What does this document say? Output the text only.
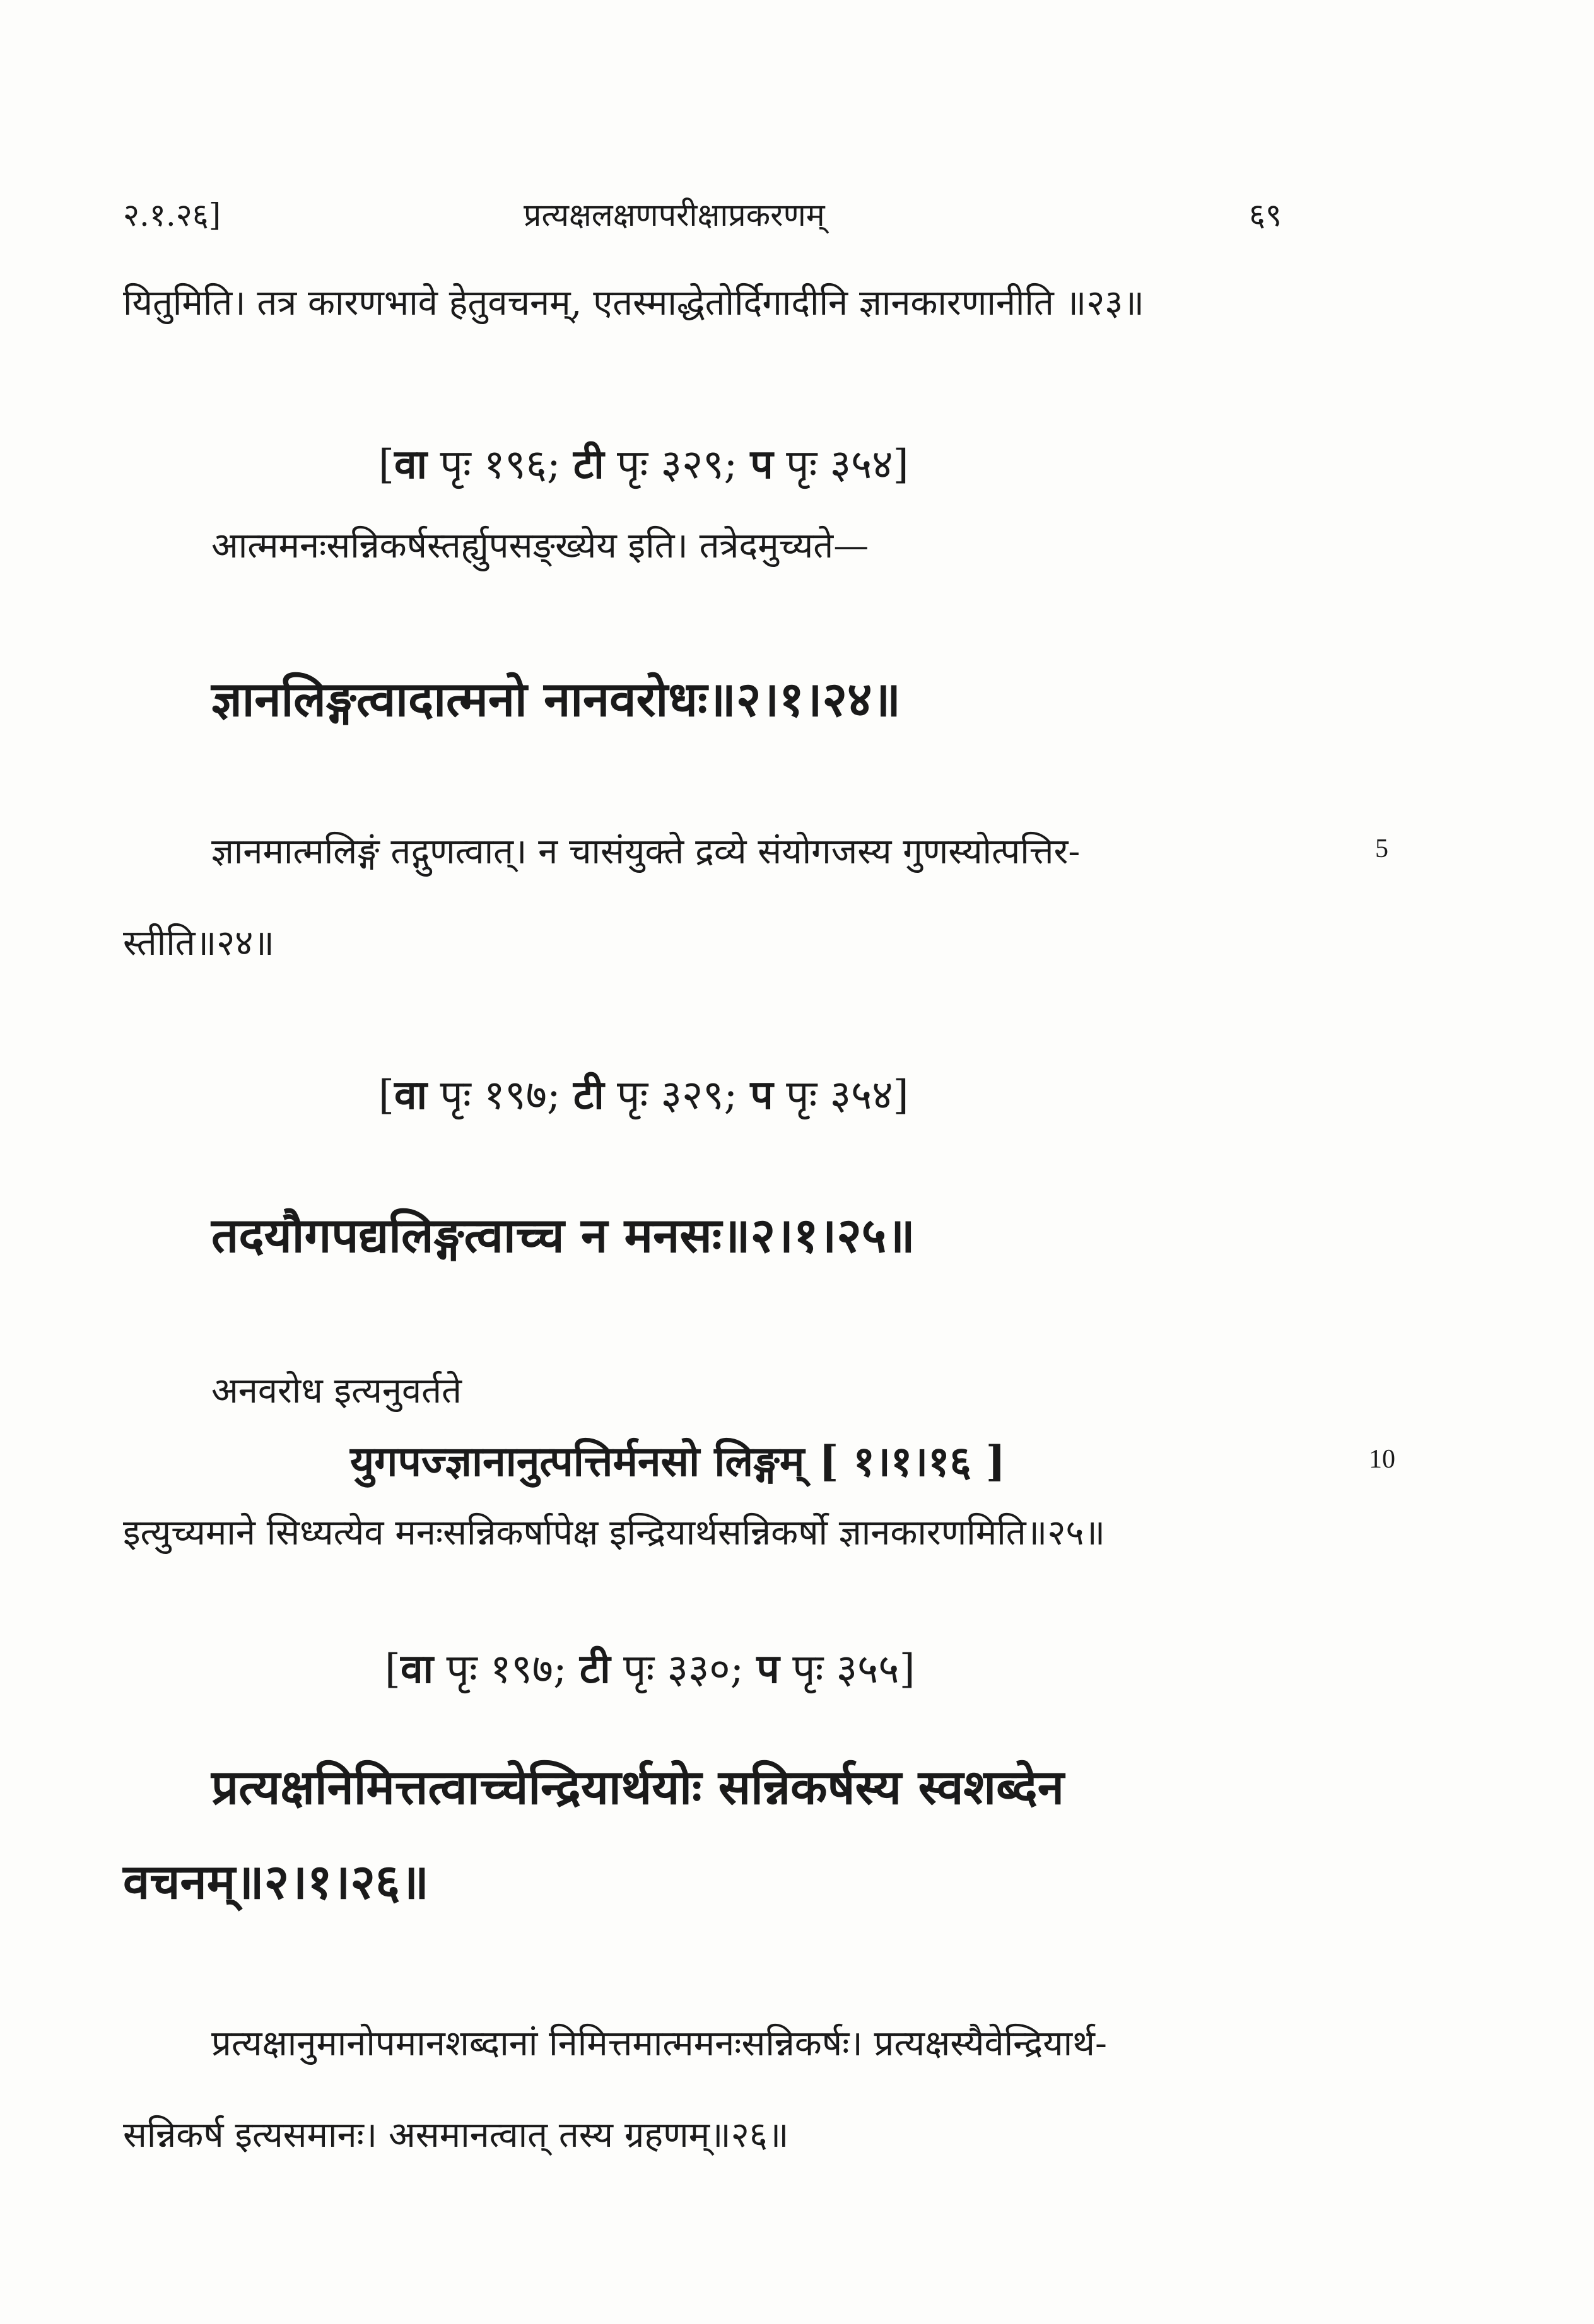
२.१.२६]	प्रत्यक्षलक्षणपरीक्षाप्रकरणम्	६९
यितुमिति। तत्र कारणभावे हेतुवचनम्, एतस्माद्धेतोर्दिगादीनि ज्ञानकारणानीति ॥२३॥
[वा पृः १९६; टी पृः ३२९; प पृः ३५४]
आत्ममनःसन्निकर्षस्तर्ह्युपसङ्ख्येय इति। तत्रेदमुच्यते—
ज्ञानलिङ्गत्वादात्मनो नानवरोधः॥२।१।२४॥
ज्ञानमात्मलिङ्गं तद्गुणत्वात्। न चासंयुक्ते द्रव्ये संयोगजस्य गुणस्योत्पत्तिर-	5
स्तीति॥२४॥
[वा पृः १९७; टी पृः ३२९; प पृः ३५४]
तदयौगपद्यलिङ्गत्वाच्च न मनसः॥२।१।२५॥
अनवरोध इत्यनुवर्तते
युगपज्ज्ञानानुत्पत्तिर्मनसो लिङ्गम् [ १।१।१६ ]	10
इत्युच्यमाने सिध्यत्येव मनःसन्निकर्षापेक्ष इन्द्रियार्थसन्निकर्षो ज्ञानकारणमिति॥२५॥
[वा पृः १९७; टी पृः ३३०; प पृः ३५५]
प्रत्यक्षनिमित्तत्वाच्चेन्द्रियार्थयोः सन्निकर्षस्य स्वशब्देन
वचनम्॥२।१।२६॥
प्रत्यक्षानुमानोपमानशब्दानां निमित्तमात्ममनःसन्निकर्षः। प्रत्यक्षस्यैवेन्द्रियार्थ-
सन्निकर्ष इत्यसमानः। असमानत्वात् तस्य ग्रहणम्॥२६॥
